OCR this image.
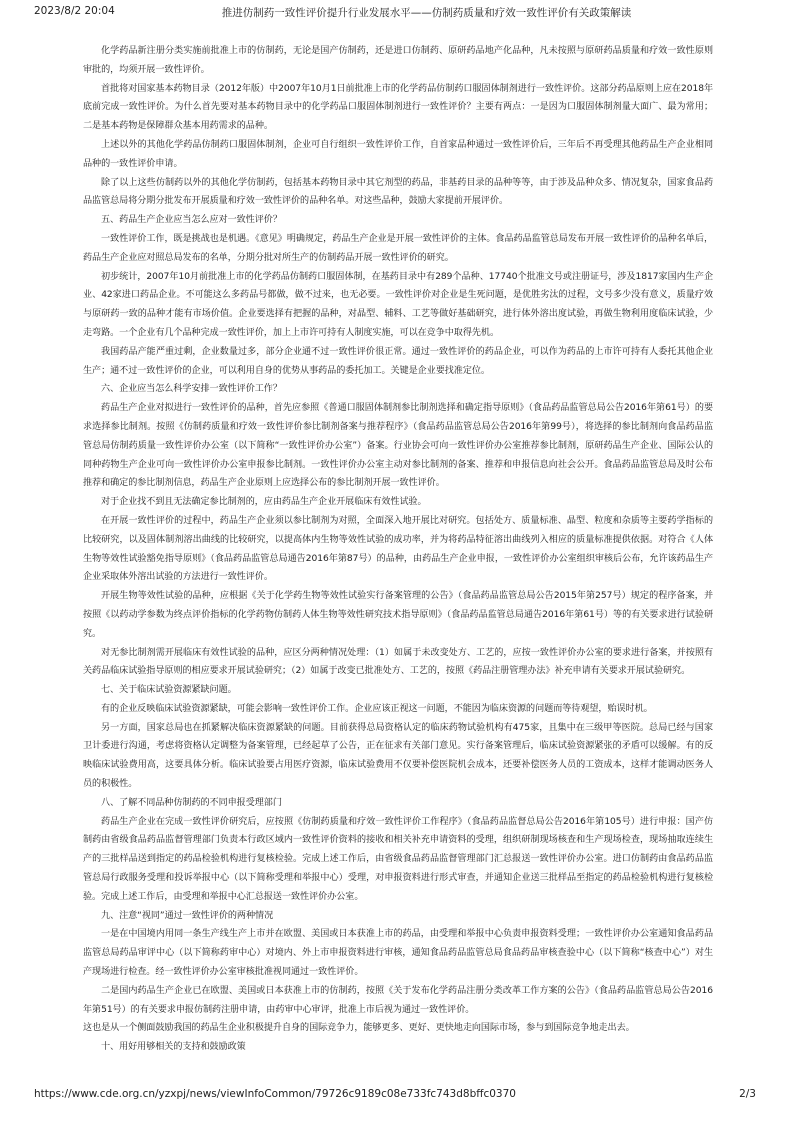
2023/8/2 20:04	推进仿制药一致性评价提升行业发展水平——仿制药质量和疗效一致性评价有关政策解读

化学药品新注册分类实施前批准上市的仿制药，无论是国产仿制药，还是进口仿制药、原研药品地产化品种，凡未按照与原研药品质量和疗效一致性原则审批的，均须开展一致性评价。

首批将对国家基本药物目录（2012年版）中2007年10月1日前批准上市的化学药品仿制药口服固体制剂进行一致性评价。这部分药品原则上应在2018年底前完成一致性评价。为什么首先要对基本药物目录中的化学药品口服固体制剂进行一致性评价？主要有两点：一是因为口服固体制剂量大面广、最为常用；二是基本药物是保障群众基本用药需求的品种。

上述以外的其他化学药品仿制药口服固体制剂，企业可自行组织一致性评价工作，自首家品种通过一致性评价后，三年后不再受理其他药品生产企业相同品种的一致性评价申请。

除了以上这些仿制药以外的其他化学仿制药，包括基本药物目录中其它剂型的药品，非基药目录的品种等等，由于涉及品种众多、情况复杂，国家食品药品监管总局将分期分批发布开展质量和疗效一致性评价的品种名单。对这些品种，鼓励大家提前开展评价。

五、药品生产企业应当怎么应对一致性评价？

一致性评价工作，既是挑战也是机遇。《意见》明确规定，药品生产企业是开展一致性评价的主体。食品药品监管总局发布开展一致性评价的品种名单后，药品生产企业应对照总局发布的名单，分期分批对所生产的仿制药品开展一致性评价的研究。

初步统计，2007年10月前批准上市的化学药品仿制药口服固体制，在基药目录中有289个品种、17740个批准文号或注册证号，涉及1817家国内生产企业、42家进口药品企业。不可能这么多药品号都做，做不过来，也无必要。一致性评价对企业是生死问题，是优胜劣汰的过程，文号多少没有意义，质量疗效与原研药一致的品种才能有市场价值。企业要选择有把握的品种，对晶型、辅料、工艺等做好基础研究，进行体外溶出度试验，再做生物利用度临床试验，少走弯路。一个企业有几个品种完成一致性评价，加上上市许可持有人制度实施，可以在竞争中取得先机。

我国药品产能严重过剩，企业数量过多，部分企业通不过一致性评价很正常。通过一致性评价的药品企业，可以作为药品的上市许可持有人委托其他企业生产；通不过一致性评价的企业，可以利用自身的优势从事药品的委托加工。关键是企业要找准定位。

六、企业应当怎么科学安排一致性评价工作？

药品生产企业对拟进行一致性评价的品种，首先应参照《普通口服固体制剂参比制剂选择和确定指导原则》（食品药品监管总局公告2016年第61号）的要求选择参比制剂。按照《仿制药质量和疗效一致性评价参比制剂备案与推荐程序》（食品药品监管总局公告2016年第99号），将选择的参比制剂向食品药品监管总局仿制药质量一致性评价办公室（以下简称“一致性评价办公室”）备案。行业协会可向一致性评价办公室推荐参比制剂，原研药品生产企业、国际公认的同种药物生产企业可向一致性评价办公室申报参比制剂。一致性评价办公室主动对参比制剂的备案、推荐和申报信息向社会公开。食品药品监管总局及时公布推荐和确定的参比制剂信息，药品生产企业原则上应选择公布的参比制剂开展一致性评价。

对于企业找不到且无法确定参比制剂的，应由药品生产企业开展临床有效性试验。

在开展一致性评价的过程中，药品生产企业须以参比制剂为对照，全面深入地开展比对研究。包括处方、质量标准、晶型、粒度和杂质等主要药学指标的比较研究，以及固体制剂溶出曲线的比较研究，以提高体内生物等效性试验的成功率，并为将药品特征溶出曲线列入相应的质量标准提供依据。对符合《人体生物等效性试验豁免指导原则》（食品药品监管总局通告2016年第87号）的品种，由药品生产企业申报，一致性评价办公室组织审核后公布，允许该药品生产企业采取体外溶出试验的方法进行一致性评价。

开展生物等效性试验的品种，应根据《关于化学药生物等效性试验实行备案管理的公告》（食品药品监管总局公告2015年第257号）规定的程序备案，并按照《以药动学参数为终点评价指标的化学药物仿制药人体生物等效性研究技术指导原则》（食品药品监管总局通告2016年第61号）等的有关要求进行试验研究。

对无参比制剂需开展临床有效性试验的品种，应区分两种情况处理：（1）如属于未改变处方、工艺的，应按一致性评价办公室的要求进行备案，并按照有关药品临床试验指导原则的相应要求开展试验研究；（2）如属于改变已批准处方、工艺的，按照《药品注册管理办法》补充申请有关要求开展试验研究。

七、关于临床试验资源紧缺问题。

有的企业反映临床试验资源紧缺，可能会影响一致性评价工作。企业应该正视这一问题，不能因为临床资源的问题而等待观望，贻误时机。

另一方面，国家总局也在抓紧解决临床资源紧缺的问题。目前获得总局资格认定的临床药物试验机构有475家，且集中在三级甲等医院。总局已经与国家卫计委进行沟通，考虑将资格认定调整为备案管理，已经起草了公告，正在征求有关部门意见。实行备案管理后，临床试验资源紧张的矛盾可以缓解。有的反映临床试验费用高，这要具体分析。临床试验要占用医疗资源，临床试验费用不仅要补偿医院机会成本，还要补偿医务人员的工资成本，这样才能调动医务人员的积极性。

八、了解不同品种仿制药的不同申报受理部门

药品生产企业在完成一致性评价研究后，应按照《仿制药质量和疗效一致性评价工作程序》（食品药品监督总局公告2016年第105号）进行申报：国产仿制药由省级食品药品监督管理部门负责本行政区域内一致性评价资料的接收和相关补充申请资料的受理，组织研制现场核查和生产现场检查，现场抽取连续生产的三批样品送到指定的药品检验机构进行复核检验。完成上述工作后，由省级食品药品监督管理部门汇总报送一致性评价办公室。进口仿制药由食品药品监管总局行政服务受理和投诉举报中心（以下简称受理和举报中心）受理，对申报资料进行形式审查，并通知企业送三批样品至指定的药品检验机构进行复核检验。完成上述工作后，由受理和举报中心汇总报送一致性评价办公室。

九、注意“视同”通过一致性评价的两种情况

一是在中国境内用同一条生产线生产上市并在欧盟、美国或日本获准上市的药品，由受理和举报中心负责申报资料受理；一致性评价办公室通知食品药品监管总局药品审评中心（以下简称药审中心）对境内、外上市申报资料进行审核，通知食品药品监管总局食品药品审核查验中心（以下简称“核查中心”）对生产现场进行检查。经一致性评价办公室审核批准视同通过一致性评价。

二是国内药品生产企业已在欧盟、美国或日本获准上市的仿制药，按照《关于发布化学药品注册分类改革工作方案的公告》（食品药品监管总局公告2016年第51号）的有关要求申报仿制药注册申请，由药审中心审评，批准上市后视为通过一致性评价。

这也是从一个侧面鼓励我国的药品生企业积极提升自身的国际竞争力，能够更多、更好、更快地走向国际市场，参与到国际竞争地走出去。

十、用好用够相关的支持和鼓励政策

https://www.cde.org.cn/yzxpj/news/viewInfoCommon/79726c9189c08e733fc743d8bffc0370	2/3
